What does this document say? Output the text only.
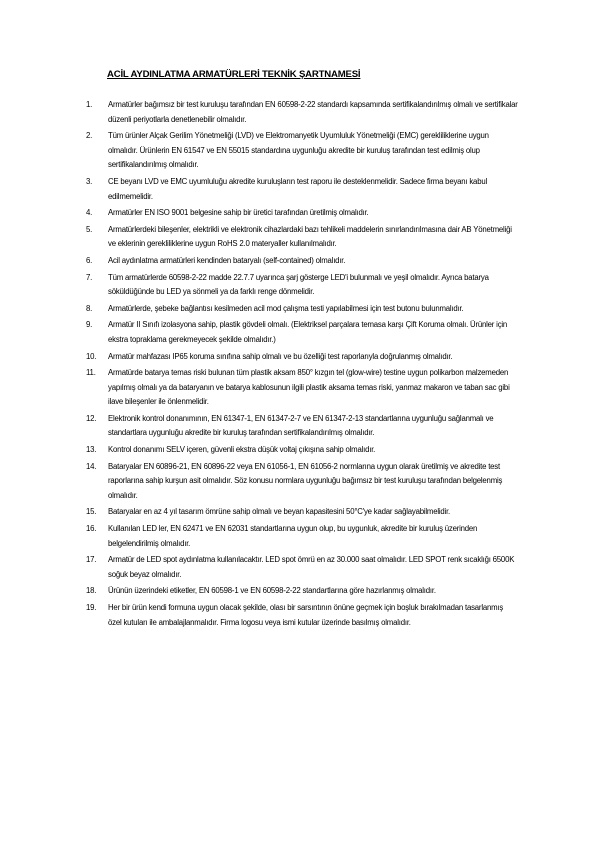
ACİL AYDINLATMA ARMATÜRLERİ TEKNİK ŞARTNAMESİ
1.	Armatürler bağımsız bir test kuruluşu tarafından EN 60598-2-22 standardı kapsamında sertifikalandırılmış olmalı ve sertifikalar düzenli periyotlarla denetlenebilir olmalıdır.
2.	Tüm ürünler Alçak Gerilim Yönetmeliği (LVD) ve Elektromanyetik Uyumluluk Yönetmeliği (EMC) gerekliliklerine uygun olmalıdır. Ürünlerin EN 61547 ve EN 55015 standardına uygunluğu akredite bir kuruluş tarafından test edilmiş olup sertifikalandırılmış olmalıdır.
3.	CE beyanı LVD ve EMC uyumluluğu akredite kuruluşların test raporu ile desteklenmelidir. Sadece firma beyanı kabul edilmemelidir.
4.	Armatürler EN ISO 9001 belgesine sahip bir üretici tarafından üretilmiş olmalıdır.
5.	Armatürlerdeki bileşenler, elektrikli ve elektronik cihazlardaki bazı tehlikeli maddelerin sınırlandırılmasına dair AB Yönetmeliği ve eklerinin gerekliliklerine uygun RoHS 2.0 materyaller kullanılmalıdır.
6.	Acil aydınlatma armatürleri kendinden bataryalı (self-contained) olmalıdır.
7.	Tüm armatürlerde 60598-2-22 madde 22.7.7 uyarınca şarj gösterge LED'i bulunmalı ve yeşil olmalıdır. Ayrıca batarya söküldüğünde bu LED ya sönmeli ya da farklı renge dönmelidir.
8.	Armatürlerde, şebeke bağlantısı kesilmeden acil mod çalışma testi yapılabilmesi için test butonu bulunmalıdır.
9.	Armatür II Sınıfı izolasyona sahip, plastik gövdeli olmalı. (Elektriksel parçalara temasa karşı Çift Koruma olmalı. Ürünler için ekstra topraklama gerekmeyecek şekilde olmalıdır.)
10.	Armatür mahfazası IP65 koruma sınıfına sahip olmalı ve bu özelliği test raporlarıyla doğrulanmış olmalıdır.
11.	Armatürde batarya temas riski bulunan tüm plastik aksam 850° kızgın tel (glow-wire) testine uygun polikarbon malzemeden yapılmış olmalı ya da bataryanın ve batarya kablosunun ilgili plastik aksama temas riski, yanmaz makaron ve taban sac gibi ilave bileşenler ile önlenmelidir.
12.	Elektronik kontrol donanımının, EN 61347-1, EN 61347-2-7 ve EN 61347-2-13 standartlarına uygunluğu sağlanmalı ve standartlara uygunluğu akredite bir kuruluş tarafından sertifikalandırılmış olmalıdır.
13.	Kontrol donanımı SELV içeren, güvenli ekstra düşük voltaj çıkışına sahip olmalıdır.
14.	Bataryalar EN 60896-21, EN 60896-22 veya EN 61056-1, EN 61056-2 normlarına uygun olarak üretilmiş ve akredite test raporlarına sahip kurşun asit olmalıdır. Söz konusu normlara uygunluğu bağımsız bir test kuruluşu tarafından belgelenmiş olmalıdır.
15.	Bataryalar en az 4 yıl tasarım ömrüne sahip olmalı ve beyan kapasitesini 50°C'ye kadar sağlayabilmelidir.
16.	Kullanılan LED ler, EN 62471 ve EN 62031 standartlarına uygun olup, bu uygunluk, akredite bir kuruluş üzerinden belgelendirilmiş olmalıdır.
17.	Armatür de LED spot aydınlatma kullanılacaktır. LED spot ömrü en az 30.000 saat olmalıdır. LED SPOT renk sıcaklığı 6500K soğuk beyaz olmalıdır.
18.	Ürünün üzerindeki etiketler, EN 60598-1 ve EN 60598-2-22 standartlarına göre hazırlanmış olmalıdır.
19.	Her bir ürün kendi formuna uygun olacak şekilde, olası bir sarsıntının önüne geçmek için boşluk bırakılmadan tasarlanmış özel kutuları ile ambalajlanmalıdır. Firma logosu veya ismi kutular üzerinde basılmış olmalıdır.
